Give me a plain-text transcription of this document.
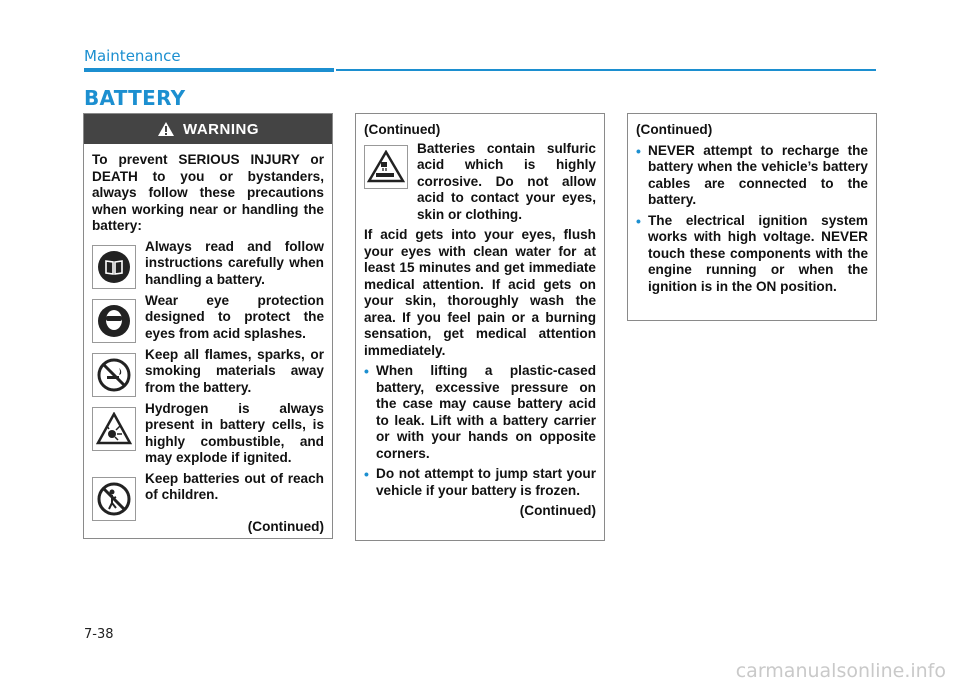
Maintenance
BATTERY
WARNING
To prevent SERIOUS INJURY or DEATH to you or bystanders, always follow these precautions when working near or handling the battery:
Always read and follow instructions carefully when handling a battery.
Wear eye protection designed to protect the eyes from acid splashes.
Keep all flames, sparks, or smoking materials away from the battery.
Hydrogen is always present in battery cells, is highly combustible, and may explode if ignited.
Keep batteries out of reach of children.
(Continued)
(Continued)
Batteries contain sulfuric acid which is highly corrosive. Do not allow acid to contact your eyes, skin or clothing.
If acid gets into your eyes, flush your eyes with clean water for at least 15 minutes and get immediate medical attention. If acid gets on your skin, thoroughly wash the area. If you feel pain or a burning sensation, get medical attention immediately.
• When lifting a plastic-cased battery, excessive pressure on the case may cause battery acid to leak. Lift with a battery carrier or with your hands on opposite corners.
• Do not attempt to jump start your vehicle if your battery is frozen.
(Continued)
(Continued)
• NEVER attempt to recharge the battery when the vehicle’s battery cables are connected to the battery.
• The electrical ignition system works with high voltage. NEVER touch these components with the engine running or when the ignition is in the ON position.
7-38
carmanualsonline.info
